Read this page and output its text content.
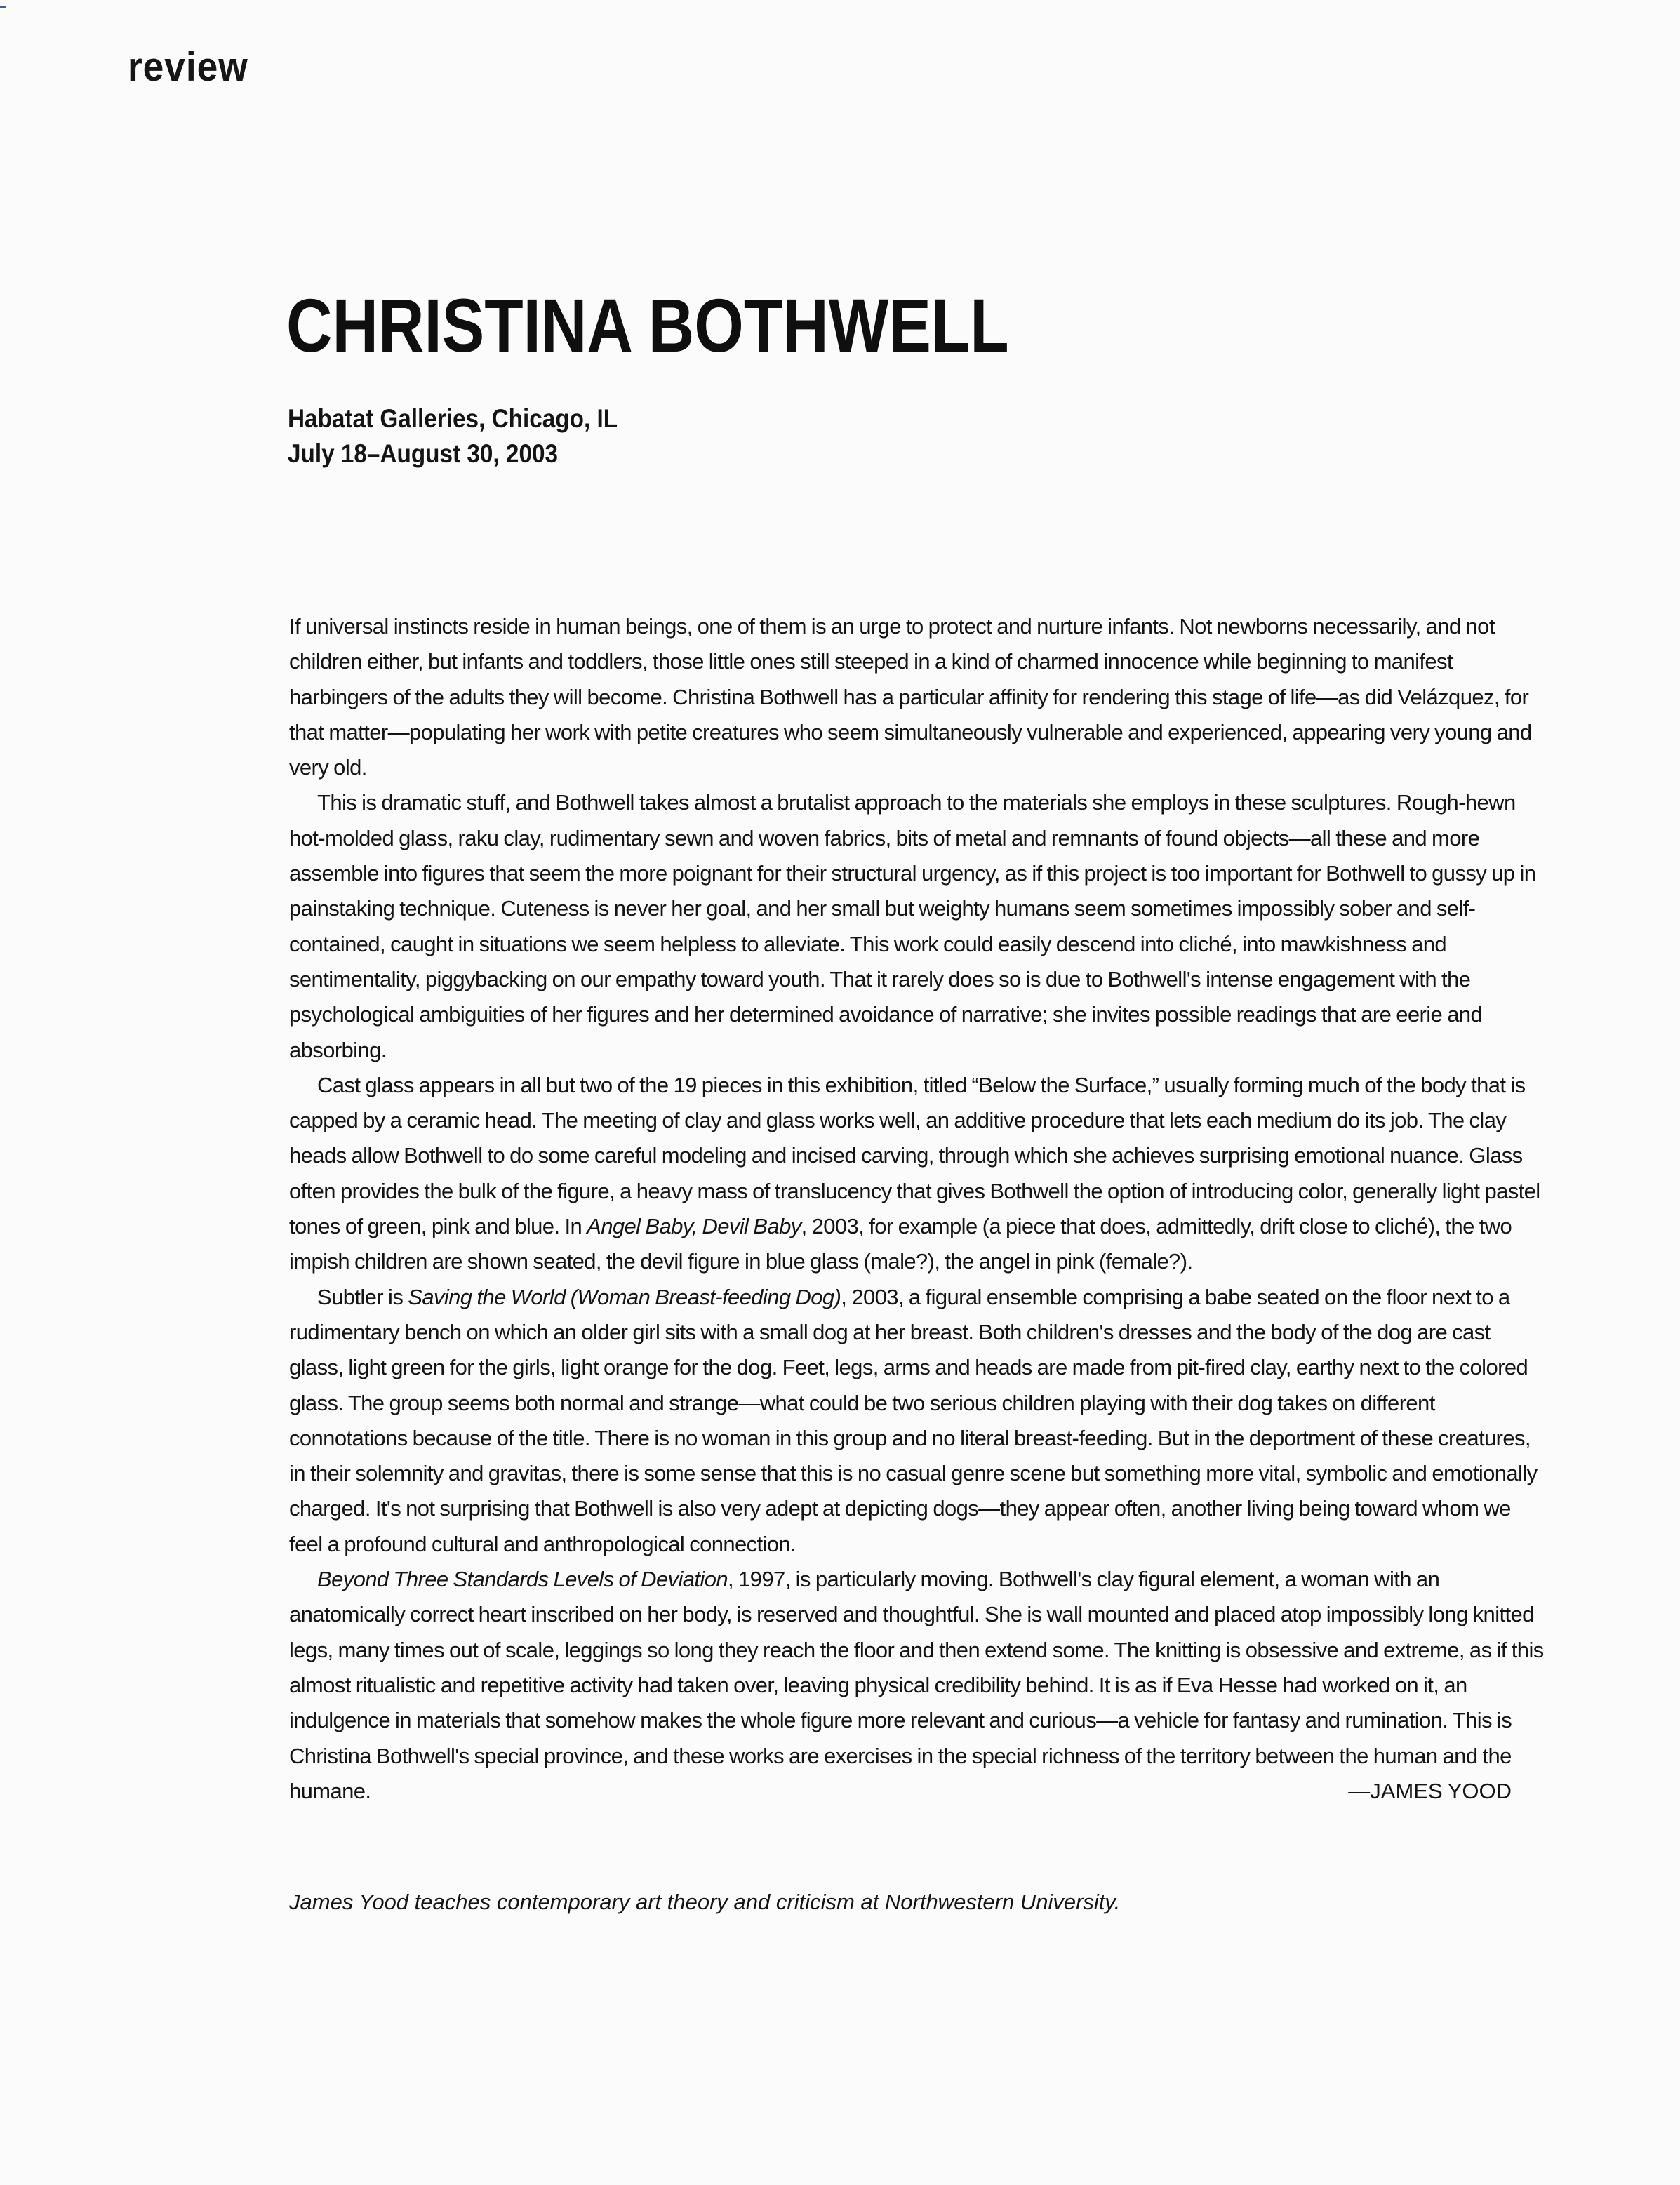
review
CHRISTINA BOTHWELL
Habatat Galleries, Chicago, IL
July 18–August 30, 2003

If universal instincts reside in human beings, one of them is an urge to protect and nurture infants. Not newborns necessarily, and not children either, but infants and toddlers, those little ones still steeped in a kind of charmed innocence while beginning to manifest harbingers of the adults they will become. Christina Bothwell has a particular affinity for rendering this stage of life—as did Velázquez, for that matter—populating her work with petite creatures who seem simultaneously vulnerable and experienced, appearing very young and very old.

This is dramatic stuff, and Bothwell takes almost a brutalist approach to the materials she employs in these sculptures. Rough-hewn hot-molded glass, raku clay, rudimentary sewn and woven fabrics, bits of metal and remnants of found objects—all these and more assemble into figures that seem the more poignant for their structural urgency, as if this project is too important for Bothwell to gussy up in painstaking technique. Cuteness is never her goal, and her small but weighty humans seem sometimes impossibly sober and self-contained, caught in situations we seem helpless to alleviate. This work could easily descend into cliché, into mawkishness and sentimentality, piggybacking on our empathy toward youth. That it rarely does so is due to Bothwell's intense engagement with the psychological ambiguities of her figures and her determined avoidance of narrative; she invites possible readings that are eerie and absorbing.

Cast glass appears in all but two of the 19 pieces in this exhibition, titled “Below the Surface,” usually forming much of the body that is capped by a ceramic head. The meeting of clay and glass works well, an additive procedure that lets each medium do its job. The clay heads allow Bothwell to do some careful modeling and incised carving, through which she achieves surprising emotional nuance. Glass often provides the bulk of the figure, a heavy mass of translucency that gives Bothwell the option of introducing color, generally light pastel tones of green, pink and blue. In Angel Baby, Devil Baby, 2003, for example (a piece that does, admittedly, drift close to cliché), the two impish children are shown seated, the devil figure in blue glass (male?), the angel in pink (female?).

Subtler is Saving the World (Woman Breast-feeding Dog), 2003, a figural ensemble comprising a babe seated on the floor next to a rudimentary bench on which an older girl sits with a small dog at her breast. Both children's dresses and the body of the dog are cast glass, light green for the girls, light orange for the dog. Feet, legs, arms and heads are made from pit-fired clay, earthy next to the colored glass. The group seems both normal and strange—what could be two serious children playing with their dog takes on different connotations because of the title. There is no woman in this group and no literal breast-feeding. But in the deportment of these creatures, in their solemnity and gravitas, there is some sense that this is no casual genre scene but something more vital, symbolic and emotionally charged. It's not surprising that Bothwell is also very adept at depicting dogs—they appear often, another living being toward whom we feel a profound cultural and anthropological connection.

Beyond Three Standards Levels of Deviation, 1997, is particularly moving. Bothwell's clay figural element, a woman with an anatomically correct heart inscribed on her body, is reserved and thoughtful. She is wall mounted and placed atop impossibly long knitted legs, many times out of scale, leggings so long they reach the floor and then extend some. The knitting is obsessive and extreme, as if this almost ritualistic and repetitive activity had taken over, leaving physical credibility behind. It is as if Eva Hesse had worked on it, an indulgence in materials that somehow makes the whole figure more relevant and curious—a vehicle for fantasy and rumination. This is Christina Bothwell's special province, and these works are exercises in the special richness of the territory between the human and the humane.	—JAMES YOOD

James Yood teaches contemporary art theory and criticism at Northwestern University.
